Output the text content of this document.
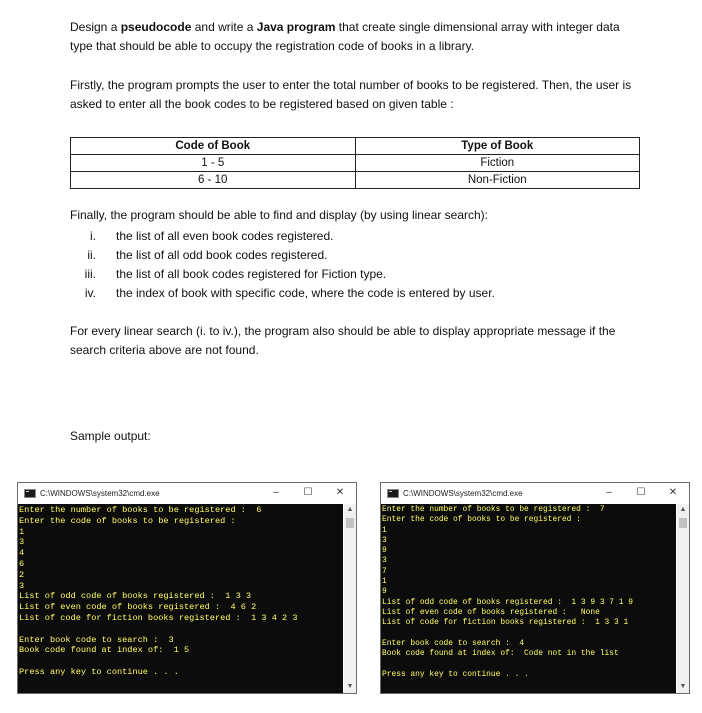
Design a pseudocode and write a Java program that create single dimensional array with integer data type that should be able to occupy the registration code of books in a library.

Firstly, the program prompts the user to enter the total number of books to be registered. Then, the user is asked to enter all the book codes to be registered based on given table :

Code of Book	Type of Book
1 - 5	Fiction
6 - 10	Non-Fiction

Finally, the program should be able to find and display (by using linear search):

i. the list of all even book codes registered.
ii. the list of all odd book codes registered.
iii. the list of all book codes registered for Fiction type.
iv. the index of book with specific code, where the code is entered by user.

For every linear search (i. to iv.), the program also should be able to display appropriate message if the search criteria above are not found.

Sample output:

C:\WINDOWS\system32\cmd.exe	–	☐	✕
Enter the number of books to be registered :  6
Enter the code of books to be registered :
1
3
4
6
2
3
List of odd code of books registered :  1 3 3
List of even code of books registered :  4 6 2
List of code for fiction books registered :  1 3 4 2 3

Enter book code to search :  3
Book code found at index of:  1 5

Press any key to continue . . .
▲
▼
C:\WINDOWS\system32\cmd.exe	–	☐	✕
Enter the number of books to be registered :  7
Enter the code of books to be registered :
1
3
9
3
7
1
9
List of odd code of books registered :  1 3 9 3 7 1 9
List of even code of books registered :   None
List of code for fiction books registered :  1 3 3 1

Enter book code to search :  4
Book code found at index of:  Code not in the list

Press any key to continue . . .
▲
▼
